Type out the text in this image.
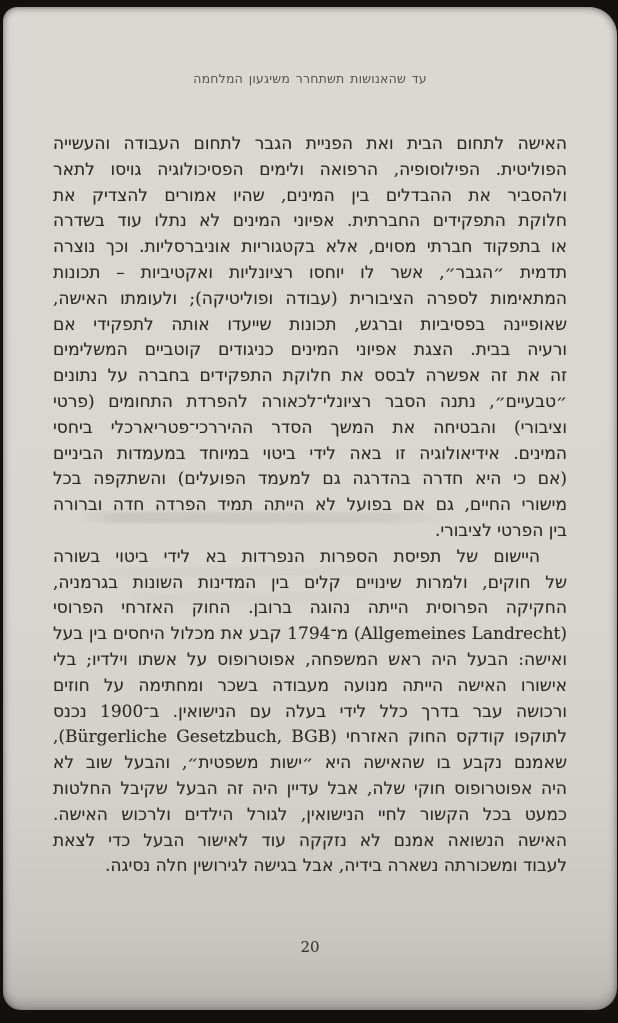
עד שהאנושות תשתחרר משיגעון המלחמה
האישה לתחום הבית ואת הפניית הגבר לתחום העבודה והעשייה
הפוליטית. הפילוסופיה, הרפואה ולימים הפסיכולוגיה גויסו לתאר
ולהסביר את ההבדלים בין המינים, שהיו אמורים להצדיק את
חלוקת התפקידים החברתית. אפיוני המינים לא נתלו עוד בשדרה
או בתפקוד חברתי מסוים, אלא בקטגוריות אוניברסליות. וכך נוצרה
תדמית ״הגבר״, אשר לו יוחסו רציונליות ואקטיביות – תכונות
המתאימות לספרה הציבורית (עבודה ופוליטיקה); ולעומתו האישה,
שאופיינה בפסיביות וברגש, תכונות שייעדו אותה לתפקידי אם
ורעיה בבית. הצגת אפיוני המינים כניגודים קוטביים המשלימים
זה את זה אפשרה לבסס את חלוקת התפקידים בחברה על נתונים
״טבעיים״, נתנה הסבר רציונלי־לכאורה להפרדת התחומים (פרטי
וציבורי) והבטיחה את המשך הסדר ההיררכי־פטריארכלי ביחסי
המינים. אידיאולוגיה זו באה לידי ביטוי במיוחד במעמדות הביניים
(אם כי היא חדרה בהדרגה גם למעמד הפועלים) והשתקפה בכל
מישורי החיים, גם אם בפועל לא הייתה תמיד הפרדה חדה וברורה
בין הפרטי לציבורי.
היישום של תפיסת הספרות הנפרדות בא לידי ביטוי בשורה
של חוקים, ולמרות שינויים קלים בין המדינות השונות בגרמניה,
החקיקה הפרוסית הייתה נהוגה ברובן. החוק האזרחי הפרוסי
(Allgemeines Landrecht) מ־1794 קבע את מכלול היחסים בין בעל
ואישה: הבעל היה ראש המשפחה, אפוטרופוס על אשתו וילדיו; בלי
אישורו האישה הייתה מנועה מעבודה בשכר ומחתימה על חוזים
ורכושה עבר בדרך כלל לידי בעלה עם הנישואין. ב־1900 נכנס
לתוקפו קודקס החוק האזרחי (Bürgerliche Gesetzbuch, BGB),
שאמנם נקבע בו שהאישה היא ״ישות משפטית״, והבעל שוב לא
היה אפוטרופוס חוקי שלה, אבל עדיין היה זה הבעל שקיבל החלטות
כמעט בכל הקשור לחיי הנישואין, לגורל הילדים ולרכוש האישה.
האישה הנשואה אמנם לא נזקקה עוד לאישור הבעל כדי לצאת
לעבוד ומשכורתה נשארה בידיה, אבל בגישה לגירושין חלה נסיגה.
20
